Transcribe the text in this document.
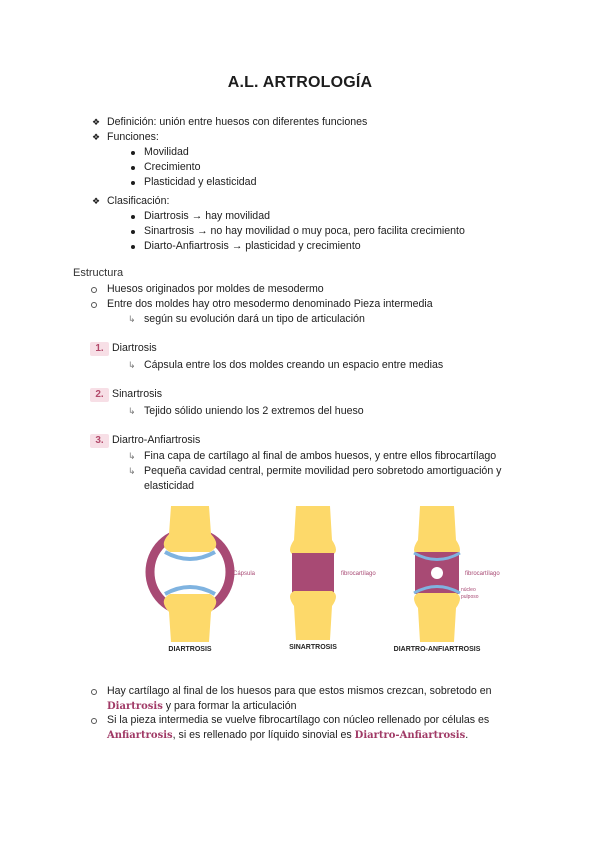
A.L. ARTROLOGÍA
❖ Definición: unión entre huesos con diferentes funciones
❖ Funciones:
Movilidad
Crecimiento
Plasticidad y elasticidad
❖ Clasificación:
Diartrosis → hay movilidad
Sinartrosis → no hay movilidad o muy poca, pero facilita crecimiento
Diarto-Anfiartrosis → plasticidad y crecimiento
Estructura
Huesos originados por moldes de mesodermo
Entre dos moldes hay otro mesodermo denominado Pieza intermedia
↳ según su evolución dará un tipo de articulación
1. Diartrosis
↳ Cápsula entre los dos moldes creando un espacio entre medias
2. Sinartrosis
↳ Tejido sólido uniendo los 2 extremos del hueso
3. Diartro-Anfiartrosis
↳ Fina capa de cartílago al final de ambos huesos, y entre ellos fibrocartílago
↳ Pequeña cavidad central, permite movilidad pero sobretodo amortiguación y
elasticidad
Cápsula
DIARTROSIS
fibrocartílago
SINARTROSIS
fibrocartílago
núcleo
pulposo
DIARTRO-ANFIARTROSIS
Hay cartílago al final de los huesos para que estos mismos crezcan, sobretodo en
Diartrosis y para formar la articulación
Si la pieza intermedia se vuelve fibrocartílago con núcleo rellenado por células es
Anfiartrosis, si es rellenado por líquido sinovial es Diartro-Anfiartrosis.
